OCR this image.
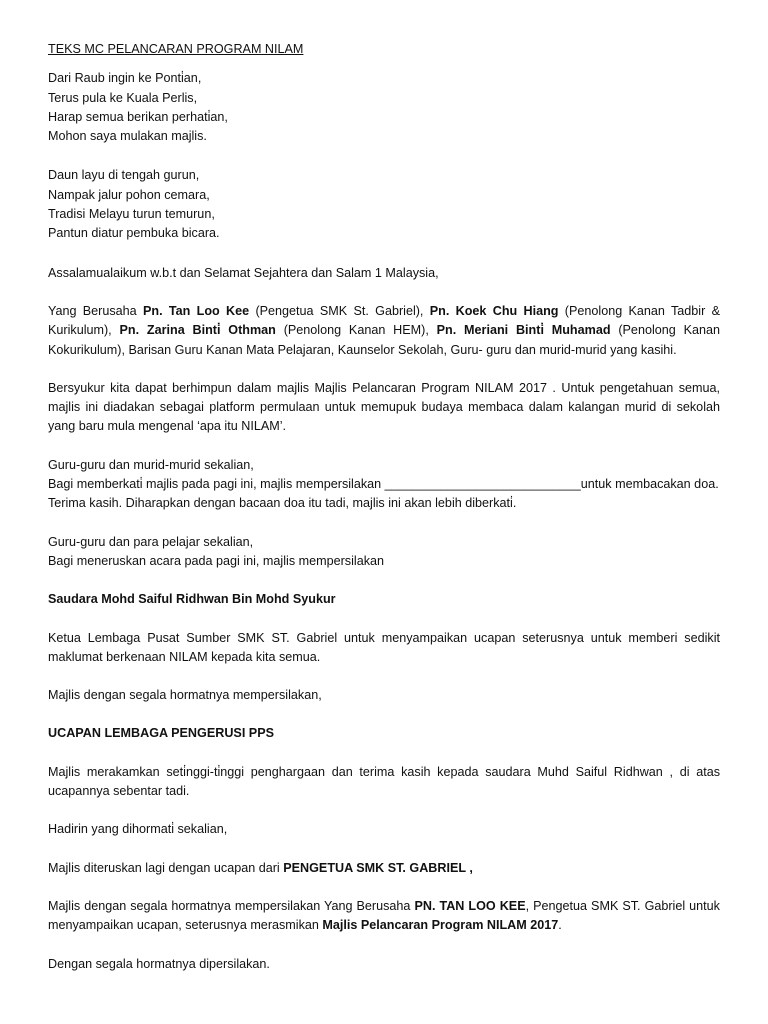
TEKS MC PELANCARAN PROGRAM NILAM
Dari Raub ingin ke Ponti̇an,
Terus pula ke Kuala Perlis,
Harap semua berikan perhati̇an,
Mohon saya mulakan majlis.
Daun layu di tengah gurun,
Nampak jalur pohon cemara,
Tradisi Melayu turun temurun,
Pantun diatur pembuka bicara.

Assalamualaikum w.b.t dan Selamat Sejahtera dan Salam 1 Malaysia,

Yang Berusaha Pn. Tan Loo Kee (Pengetua SMK St. Gabriel), Pn. Koek Chu Hiang (Penolong Kanan Tadbir & Kurikulum), Pn. Zarina Binti̇ Othman (Penolong Kanan HEM), Pn. Meriani Binti̇ Muhamad (Penolong Kanan Kokurikulum), Barisan Guru Kanan Mata Pelajaran, Kaunselor Sekolah, Guru- guru dan murid-murid yang kasihi.

Bersyukur kita dapat berhimpun dalam majlis Majlis Pelancaran Program NILAM 2017 . Untuk pengetahuan semua, majlis ini diadakan sebagai platform permulaan untuk memupuk budaya membaca dalam kalangan murid di sekolah yang baru mula mengenal ‘apa itu NILAM’.

Guru-guru dan murid-murid sekalian,
Bagi memberkati̇ majlis pada pagi ini, majlis mempersilakan ____________________________untuk membacakan doa.
Terima kasih. Diharapkan dengan bacaan doa itu tadi, majlis ini akan lebih diberkati̇.

Guru-guru dan para pelajar sekalian,
Bagi meneruskan acara pada pagi ini, majlis mempersilakan

Saudara Mohd Saiful Ridhwan Bin Mohd Syukur

Ketua Lembaga Pusat Sumber SMK ST. Gabriel untuk menyampaikan ucapan seterusnya untuk memberi sedikit maklumat berkenaan NILAM kepada kita semua.

Majlis dengan segala hormatnya mempersilakan,

UCAPAN LEMBAGA PENGERUSI PPS

Majlis merakamkan seti̇nggi-ti̇nggi penghargaan dan terima kasih kepada saudara Muhd Saiful Ridhwan , di atas ucapannya sebentar tadi.

Hadirin yang dihormati̇ sekalian,

Majlis diteruskan lagi dengan ucapan dari PENGETUA SMK ST. GABRIEL ,

Majlis dengan segala hormatnya mempersilakan Yang Berusaha PN. TAN LOO KEE, Pengetua SMK ST. Gabriel untuk menyampaikan ucapan, seterusnya merasmikan Majlis Pelancaran Program NILAM 2017.

Dengan segala hormatnya dipersilakan.
